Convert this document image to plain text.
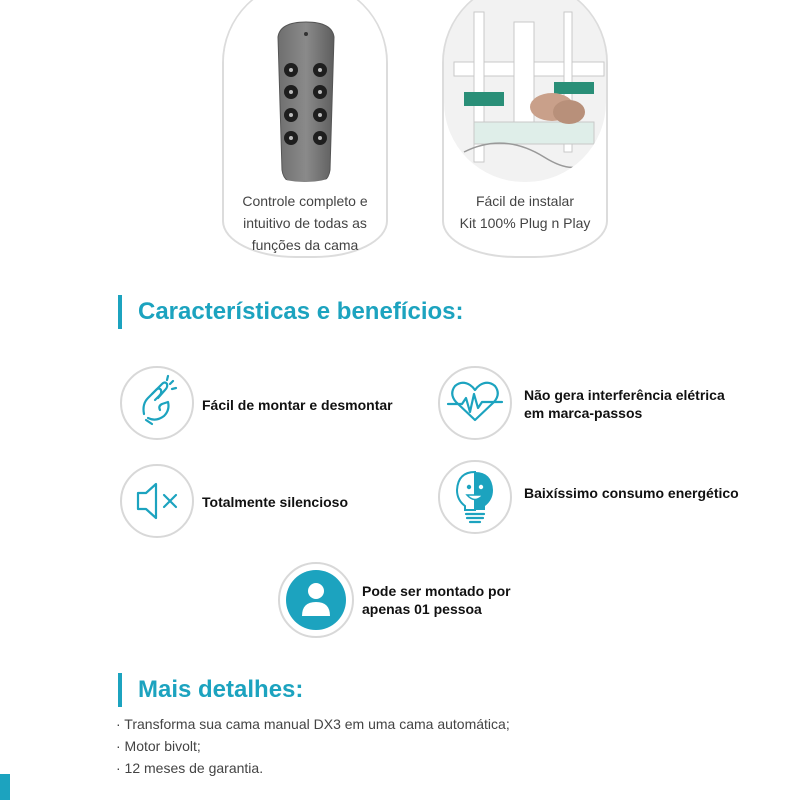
Controle completo e
intuitivo de todas as
funções da cama
Fácil de instalar
Kit 100% Plug n Play
Características e benefícios:
Fácil de montar e desmontar
Não gera interferência elétrica
em marca-passos
Totalmente silencioso
Baixíssimo consumo energético
Pode ser montado por
apenas 01 pessoa
Mais detalhes:
· Transforma sua cama manual DX3 em uma cama automática;
· Motor bivolt;
· 12 meses de garantia.
